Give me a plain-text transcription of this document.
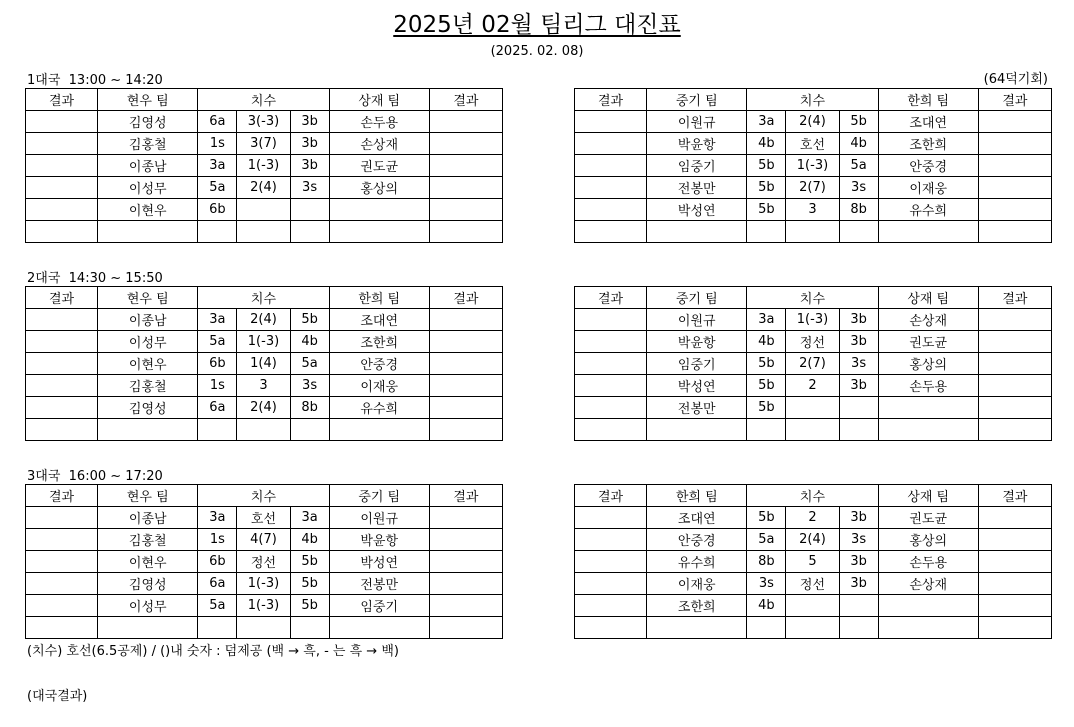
2025년 02월 팀리그 대진표
(2025. 02. 08)
(64덕기회)
1대국  13:00 ~ 14:20
2대국  14:30 ~ 15:50
3대국  16:00 ~ 17:20
결과	현우 팀	치수			상재 팀	결과
	김영성	6a	3(-3)	3b	손두용	
	김홍철	1s	3(7)	3b	손상재	
	이종남	3a	1(-3)	3b	권도균	
	이성무	5a	2(4)	3s	홍상의	
	이현우	6b				

결과	중기 팀	치수			한희 팀	결과
	이원규	3a	2(4)	5b	조대연	
	박윤항	4b	호선	4b	조한희	
	임중기	5b	1(-3)	5a	안중경	
	전봉만	5b	2(7)	3s	이재웅	
	박성연	5b	3	8b	유수희	

결과	현우 팀	치수			한희 팀	결과
	이종남	3a	2(4)	5b	조대연	
	이성무	5a	1(-3)	4b	조한희	
	이현우	6b	1(4)	5a	안중경	
	김홍철	1s	3	3s	이재웅	
	김영성	6a	2(4)	8b	유수희	

결과	중기 팀	치수			상재 팀	결과
	이원규	3a	1(-3)	3b	손상재	
	박윤항	4b	정선	3b	권도균	
	임중기	5b	2(7)	3s	홍상의	
	박성연	5b	2	3b	손두용	
	전봉만	5b				

결과	현우 팀	치수			중기 팀	결과
	이종남	3a	호선	3a	이원규	
	김홍철	1s	4(7)	4b	박윤항	
	이현우	6b	정선	5b	박성연	
	김영성	6a	1(-3)	5b	전봉만	
	이성무	5a	1(-3)	5b	임중기	

결과	한희 팀	치수			상재 팀	결과
	조대연	5b	2	3b	권도균	
	안중경	5a	2(4)	3s	홍상의	
	유수희	8b	5	3b	손두용	
	이재웅	3s	정선	3b	손상재	
	조한희	4b				

(치수) 호선(6.5공제) / ()내 숫자 : 덤제공 (백 → 흑, - 는 흑 → 백)
(대국결과)
